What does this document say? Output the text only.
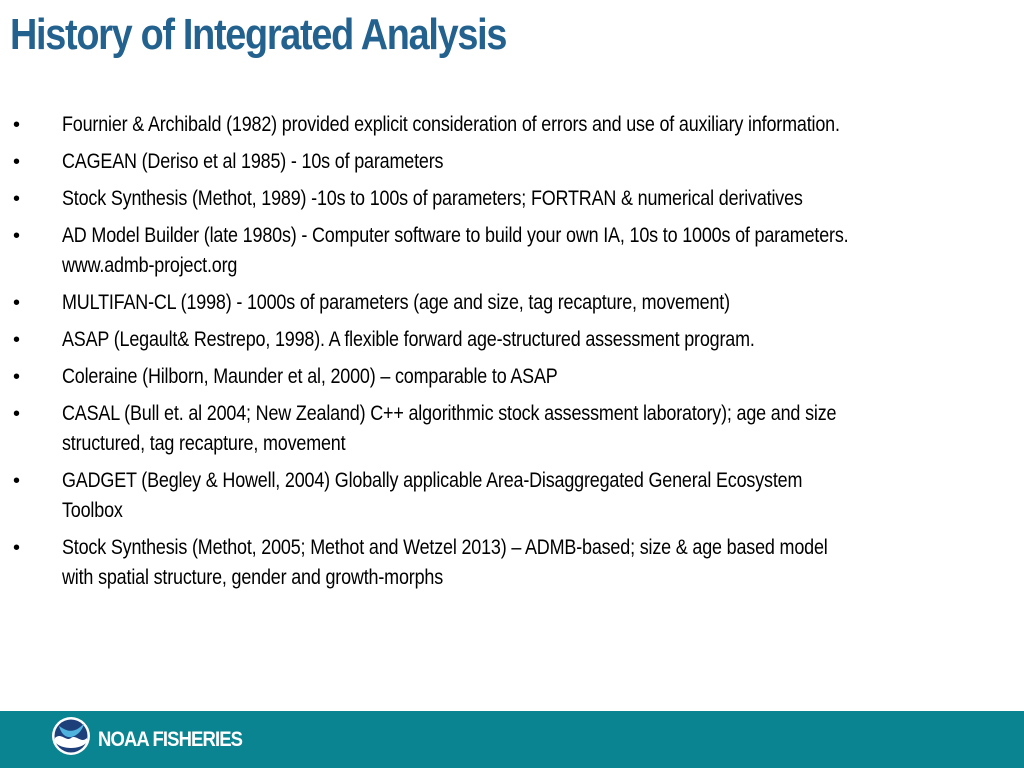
History of Integrated Analysis
• Fournier & Archibald (1982) provided explicit consideration of errors and use of auxiliary information.
• CAGEAN (Deriso et al 1985) - 10s of parameters
• Stock Synthesis (Methot, 1989) -10s to 100s of parameters; FORTRAN & numerical derivatives
• AD Model Builder (late 1980s) - Computer software to build your own IA, 10s to 1000s of parameters.
www.admb-project.org
• MULTIFAN-CL (1998) - 1000s of parameters (age and size, tag recapture, movement)
• ASAP (Legault& Restrepo, 1998). A flexible forward age-structured assessment program.
• Coleraine (Hilborn, Maunder et al, 2000) – comparable to ASAP
• CASAL (Bull et. al 2004; New Zealand) C++ algorithmic stock assessment laboratory); age and size
structured, tag recapture, movement
• GADGET (Begley & Howell, 2004) Globally applicable Area-Disaggregated General Ecosystem
Toolbox
• Stock Synthesis (Methot, 2005; Methot and Wetzel 2013) – ADMB-based; size & age based model
with spatial structure, gender and growth-morphs
NOAA FISHERIES
